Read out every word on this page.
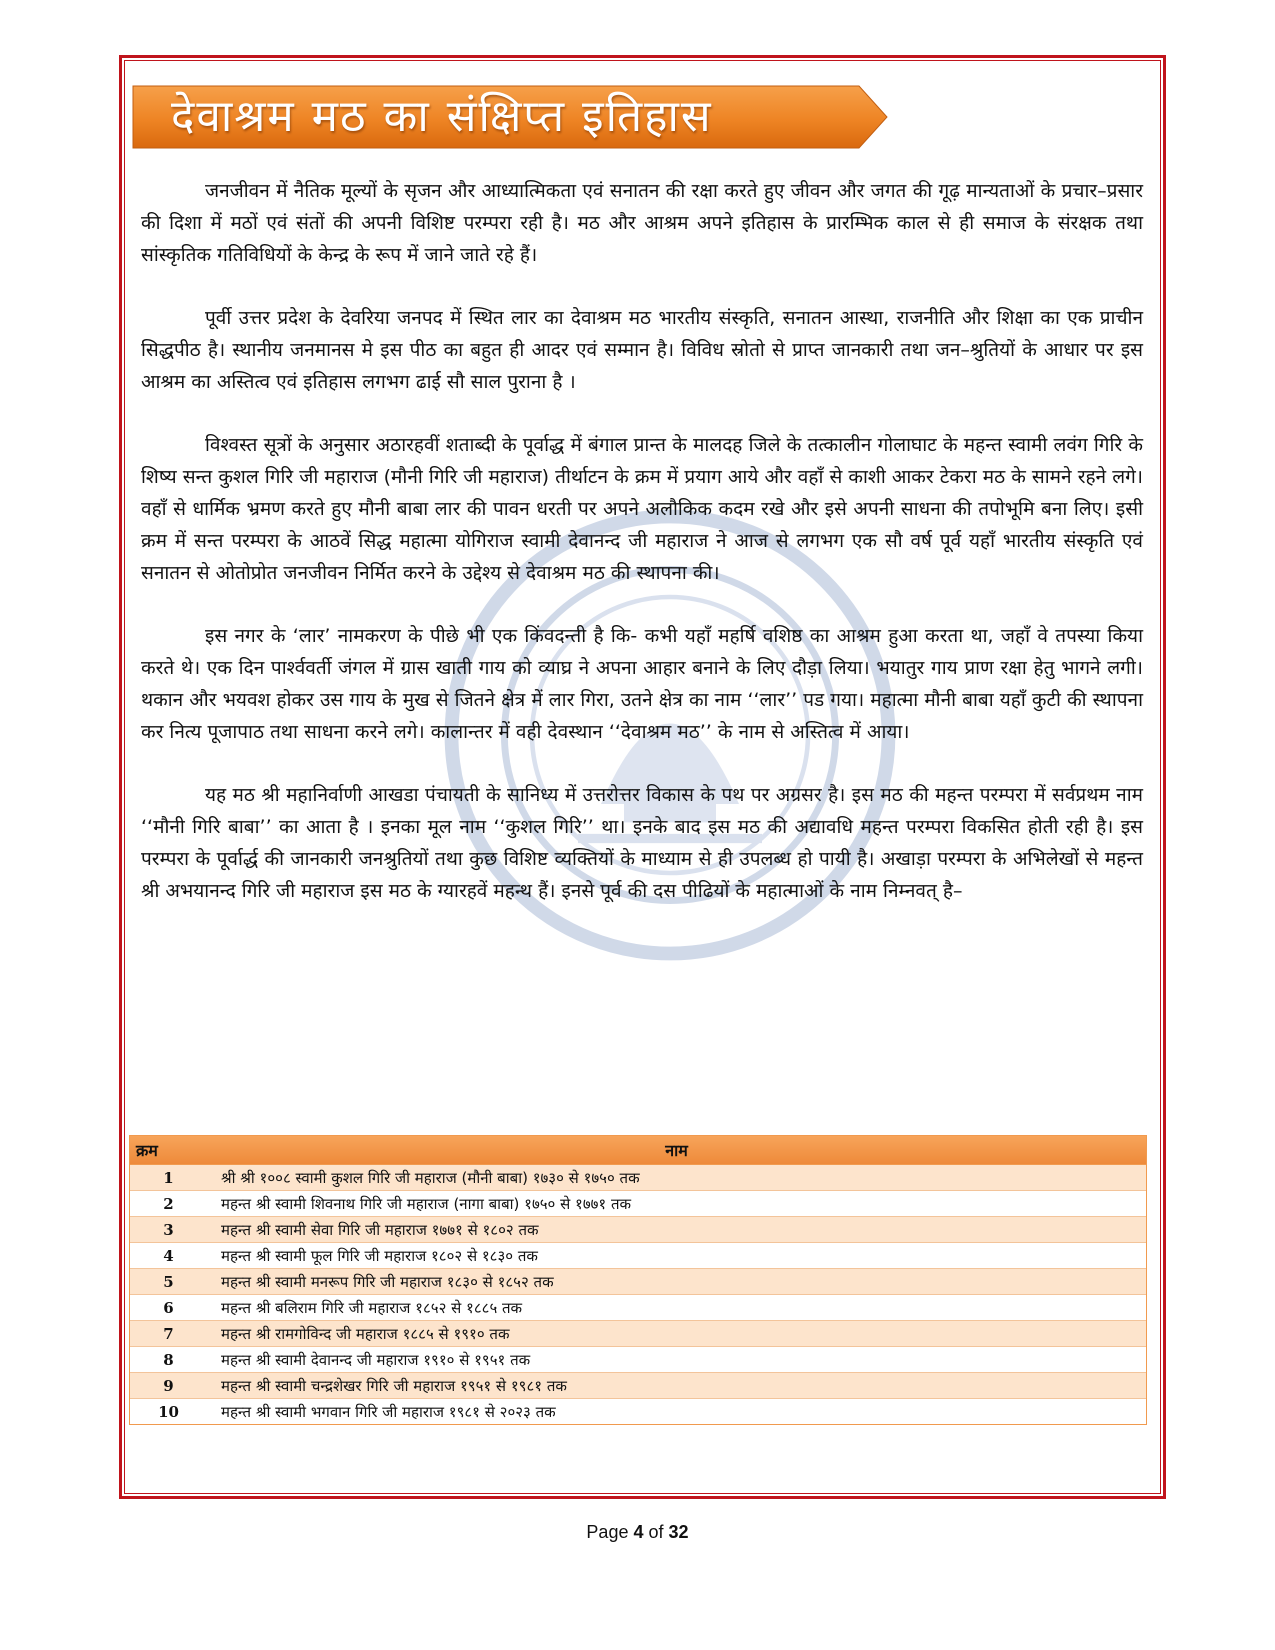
देवाश्रम मठ का संक्षिप्त इतिहास

जनजीवन में नैतिक मूल्यों के सृजन और आध्यात्मिकता एवं सनातन की रक्षा करते हुए जीवन और जगत की गूढ़ मान्यताओं के प्रचार–प्रसार की दिशा में मठों एवं संतों की अपनी विशिष्ट परम्परा रही है। मठ और आश्रम अपने इतिहास के प्रारम्भिक काल से ही समाज के संरक्षक तथा सांस्कृतिक गतिविधियों के केन्द्र के रूप में जाने जाते रहे हैं।

पूर्वी उत्तर प्रदेश के देवरिया जनपद में स्थित लार का देवाश्रम मठ भारतीय संस्कृति, सनातन आस्था, राजनीति और शिक्षा का एक प्राचीन सिद्धपीठ है। स्थानीय जनमानस मे इस पीठ का बहुत ही आदर एवं सम्मान है। विविध स्रोतो से प्राप्त जानकारी तथा जन–श्रुतियों के आधार पर इस आश्रम का अस्तित्व एवं इतिहास लगभग ढाई सौ साल पुराना है ।

विश्वस्त सूत्रों के अनुसार अठारहवीं शताब्दी के पूर्वाद्ध में बंगाल प्रान्त के मालदह जिले के तत्कालीन गोलाघाट के महन्त स्वामी लवंग गिरि के शिष्य सन्त कुशल गिरि जी महाराज (मौनी गिरि जी महाराज) तीर्थाटन के क्रम में प्रयाग आये और वहाँ से काशी आकर टेकरा मठ के सामने रहने लगे। वहाँ से धार्मिक भ्रमण करते हुए मौनी बाबा लार की पावन धरती पर अपने अलौकिक कदम रखे और इसे अपनी साधना की तपोभूमि बना लिए। इसी क्रम में सन्त परम्परा के आठवें सिद्ध महात्मा योगिराज स्वामी देवानन्द जी महाराज ने आज से लगभग एक सौ वर्ष पूर्व यहाँ भारतीय संस्कृति एवं सनातन से ओतोप्रोत जनजीवन निर्मित करने के उद्देश्य से देवाश्रम मठ की स्थापना की।

इस नगर के ‘लार’ नामकरण के पीछे भी एक किंवदन्ती है कि- कभी यहाँ महर्षि वशिष्ठ का आश्रम हुआ करता था, जहाँ वे तपस्या किया करते थे। एक दिन पार्श्ववर्ती जंगल में ग्रास खाती गाय को व्याघ्र ने अपना आहार बनाने के लिए दौड़ा लिया। भयातुर गाय प्राण रक्षा हेतु भागने लगी। थकान और भयवश होकर उस गाय के मुख से जितने क्षेत्र में लार गिरा, उतने क्षेत्र का नाम ‘‘लार’’ पड गया। महात्मा मौनी बाबा यहाँ कुटी की स्थापना कर नित्य पूजापाठ तथा साधना करने लगे। कालान्तर में वही देवस्थान ‘‘देवाश्रम मठ’’ के नाम से अस्तित्व में आया।

यह मठ श्री महानिर्वाणी आखडा पंचायती के सानिध्य में उत्तरोत्तर विकास के पथ पर अग्रसर है। इस मठ की महन्त परम्परा में सर्वप्रथम नाम ‘‘मौनी गिरि बाबा’’ का आता है । इनका मूल नाम ‘‘कुशल गिरि’’ था। इनके बाद इस मठ की अद्यावधि महन्त परम्परा विकसित होती रही है। इस परम्परा के पूर्वार्द्ध की जानकारी जनश्रुतियों तथा कुछ विशिष्ट व्यक्तियों के माध्याम से ही उपलब्ध हो पायी है। अखाड़ा परम्परा के अभिलेखों से महन्त श्री अभयानन्द गिरि जी महाराज इस मठ के ग्यारहवें महन्थ हैं। इनसे पूर्व की दस पीढियों के महात्माओं के नाम निम्नवत् है–

क्रम	नाम
1	श्री श्री १००८ स्वामी कुशल गिरि जी महाराज (मौनी बाबा) १७३० से १७५० तक
2	महन्त श्री स्वामी शिवनाथ गिरि जी महाराज (नागा बाबा) १७५० से १७७१ तक
3	महन्त श्री स्वामी सेवा गिरि जी महाराज १७७१ से १८०२ तक
4	महन्त श्री स्वामी फूल गिरि जी महाराज १८०२ से १८३० तक
5	महन्त श्री स्वामी मनरूप गिरि जी महाराज १८३० से १८५२ तक
6	महन्त श्री बलिराम गिरि जी महाराज १८५२ से १८८५ तक
7	महन्त श्री रामगोविन्द जी महाराज १८८५ से १९१० तक
8	महन्त श्री स्वामी देवानन्द जी महाराज १९१० से १९५१ तक
9	महन्त श्री स्वामी चन्द्रशेखर गिरि जी महाराज १९५१ से १९८१ तक
10	महन्त श्री स्वामी भगवान गिरि जी महाराज १९८१ से २०२३ तक
Page 4 of 32
